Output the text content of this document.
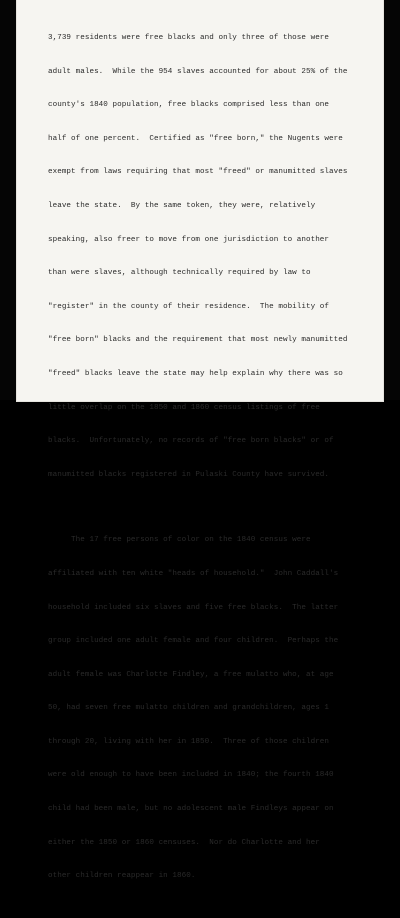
3,739 residents were free blacks and only three of those were

adult males.  While the 954 slaves accounted for about 25% of the

county's 1840 population, free blacks comprised less than one

half of one percent.  Certified as "free born," the Nugents were

exempt from laws requiring that most "freed" or manumitted slaves

leave the state.  By the same token, they were, relatively

speaking, also freer to move from one jurisdiction to another

than were slaves, although technically required by law to

"register" in the county of their residence.  The mobility of

"free born" blacks and the requirement that most newly manumitted

"freed" blacks leave the state may help explain why there was so

little overlap on the 1850 and 1860 census listings of free

blacks.  Unfortunately, no records of "free born blacks" or of

manumitted blacks registered in Pulaski County have survived.

The 17 free persons of color on the 1840 census were

affiliated with ten white "heads of household."  John Caddall's

household included six slaves and five free blacks.  The latter

group included one adult female and four children.  Perhaps the

adult female was Charlotte Findley, a free mulatto who, at age

50, had seven free mulatto children and grandchildren, ages 1

through 20, living with her in 1850.  Three of those children

were old enough to have been included in 1840; the fourth 1840

child had been male, but no adolescent male Findleys appear on

either the 1850 or 1860 censuses.  Nor do Charlotte and her

other children reappear in 1860.
